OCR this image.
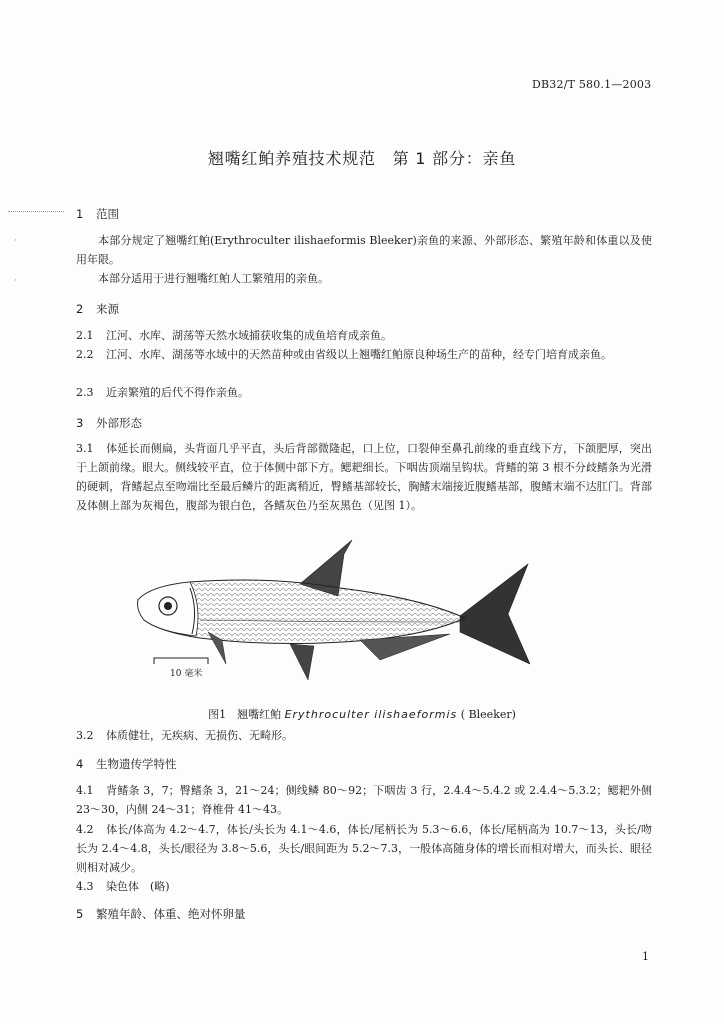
DB32/T 580.1—2003
翘嘴红鲌养殖技术规范　第 1 部分：亲鱼
·
·
1 范围
本部分规定了翘嘴红鲌(Erythroculter ilishaeformis Bleeker)亲鱼的来源、外部形态、繁殖年龄和体重以及使用年限。
本部分适用于进行翘嘴红鲌人工繁殖用的亲鱼。
2 来源
2.1 江河、水库、湖荡等天然水域捕获收集的成鱼培育成亲鱼。
2.2 江河、水库、湖荡等水域中的天然苗种或由省级以上翘嘴红鲌原良种场生产的苗种，经专门培育成亲鱼。
2.3 近亲繁殖的后代不得作亲鱼。
3 外部形态
3.1 体延长而侧扁，头背面几乎平直，头后背部微隆起，口上位，口裂伸至鼻孔前缘的垂直线下方，下颌肥厚，突出于上颌前缘。眼大。侧线较平直，位于体侧中部下方。鳃耙细长。下咽齿顶端呈钩状。背鳍的第 3 根不分歧鳍条为光滑的硬刺，背鳍起点至吻端比至最后鳞片的距离稍近，臀鳍基部较长，胸鳍末端接近腹鳍基部，腹鳍末端不达肛门。背部及体侧上部为灰褐色，腹部为银白色，各鳍灰色乃至灰黑色（见图 1）。
10 毫米
图1　翘嘴红鲌 Erythroculter ilishaeformis ( Bleeker)
3.2 体质健壮，无疾病、无损伤、无畸形。
4 生物遗传学特性
4.1 背鳍条 3，7；臀鳍条 3，21～24；侧线鳞 80～92；下咽齿 3 行，2.4.4～5.4.2 或 2.4.4～5.3.2；鳃耙外侧 23～30，内侧 24～31；脊椎骨 41～43。
4.2 体长/体高为 4.2～4.7，体长/头长为 4.1～4.6，体长/尾柄长为 5.3～6.6，体长/尾柄高为 10.7～13，头长/吻长为 2.4～4.8，头长/眼径为 3.8～5.6，头长/眼间距为 5.2～7.3，一般体高随身体的增长而相对增大，而头长、眼径则相对减少。
4.3 染色体　(略)
5 繁殖年龄、体重、绝对怀卵量
1
